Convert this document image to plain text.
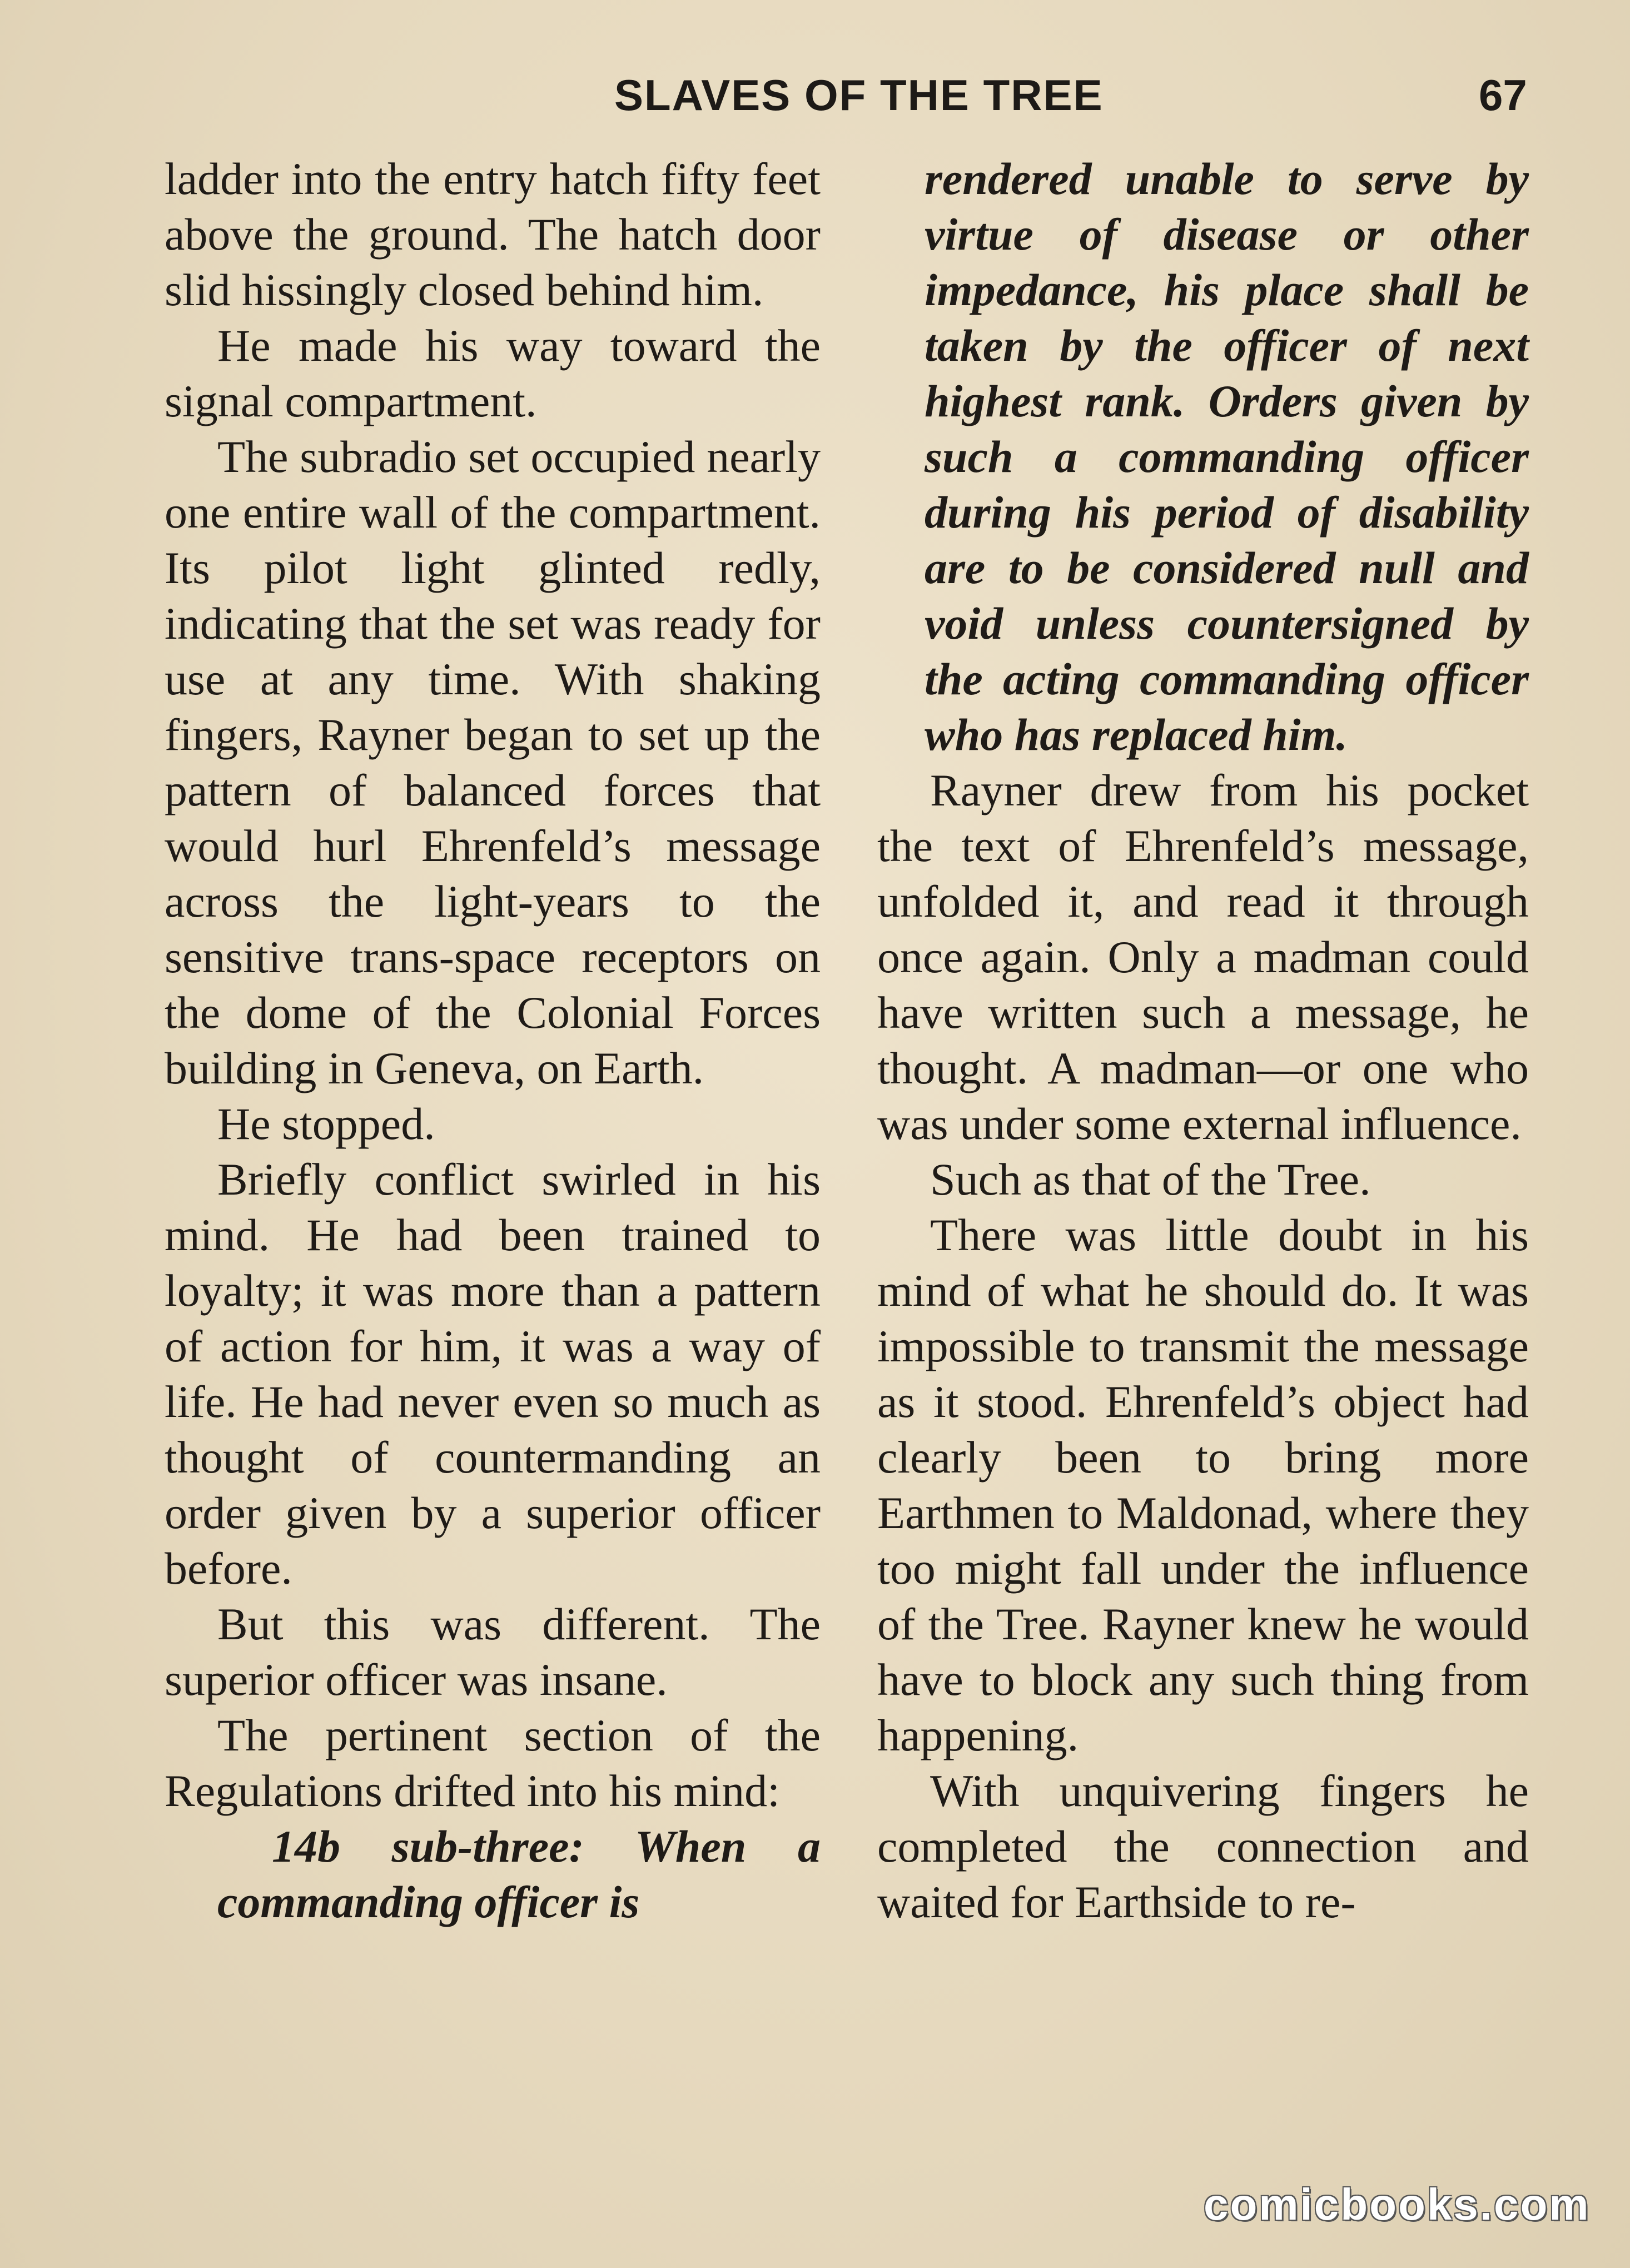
SLAVES OF THE TREE	67

ladder into the entry hatch fifty feet above the ground. The hatch door slid hissingly closed behind him.

He made his way toward the signal compartment.

The subradio set occupied nearly one entire wall of the compartment. Its pilot light glinted redly, indicating that the set was ready for use at any time. With shaking fingers, Rayner began to set up the pattern of balanced forces that would hurl Ehrenfeld’s message across the light-years to the sensitive trans-space receptors on the dome of the Colonial Forces building in Geneva, on Earth.

He stopped.

Briefly conflict swirled in his mind. He had been trained to loyalty; it was more than a pattern of action for him, it was a way of life. He had never even so much as thought of countermanding an order given by a superior officer before.

But this was different. The superior officer was insane.

The pertinent section of the Regulations drifted into his mind:

14b sub-three: When a commanding officer is

rendered unable to serve by virtue of disease or other impedance, his place shall be taken by the officer of next highest rank. Orders given by such a commanding officer during his period of disability are to be considered null and void unless countersigned by the acting commanding officer who has replaced him.

Rayner drew from his pocket the text of Ehrenfeld’s message, unfolded it, and read it through once again. Only a madman could have written such a message, he thought. A madman—or one who was under some external influence.

Such as that of the Tree.

There was little doubt in his mind of what he should do. It was impossible to transmit the message as it stood. Ehrenfeld’s object had clearly been to bring more Earthmen to Maldonad, where they too might fall under the influence of the Tree. Rayner knew he would have to block any such thing from happening.

With unquivering fingers he completed the connection and waited for Earthside to re-

comicbooks.com
